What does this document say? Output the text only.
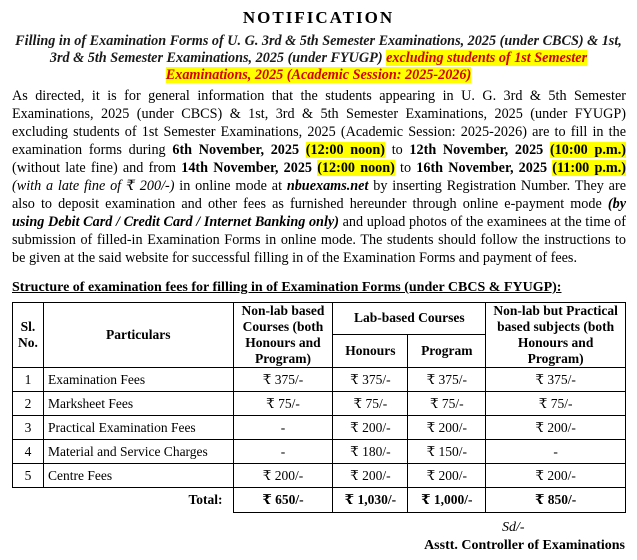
NOTIFICATION
Filling in of Examination Forms of U. G. 3rd & 5th Semester Examinations, 2025 (under CBCS) & 1st, 3rd & 5th Semester Examinations, 2025 (under FYUGP) excluding students of 1st Semester Examinations, 2025 (Academic Session: 2025-2026)
As directed, it is for general information that the students appearing in U. G. 3rd & 5th Semester Examinations, 2025 (under CBCS) & 1st, 3rd & 5th Semester Examinations, 2025 (under FYUGP) excluding students of 1st Semester Examinations, 2025 (Academic Session: 2025-2026) are to fill in the examination forms during 6th November, 2025 (12:00 noon) to 12th November, 2025 (10:00 p.m.) (without late fine) and from 14th November, 2025 (12:00 noon) to 16th November, 2025 (11:00 p.m.) (with a late fine of ₹ 200/-) in online mode at nbuexams.net by inserting Registration Number. They are also to deposit examination and other fees as furnished hereunder through online e-payment mode (by using Debit Card / Credit Card / Internet Banking only) and upload photos of the examinees at the time of submission of filled-in Examination Forms in online mode. The students should follow the instructions to be given at the said website for successful filling in of the Examination Forms and payment of fees.
Structure of examination fees for filling in of Examination Forms (under CBCS & FYUGP):
Sl. No.	Particulars	Non-lab based Courses (both Honours and Program)	Lab-based Courses		Non-lab but Practical based subjects (both Honours and Program)
			Honours	Program	
1	Examination Fees	₹ 375/-	₹ 375/-	₹ 375/-	₹ 375/-
2	Marksheet Fees	₹ 75/-	₹ 75/-	₹ 75/-	₹ 75/-
3	Practical Examination Fees	-	₹ 200/-	₹ 200/-	₹ 200/-
4	Material and Service Charges	-	₹ 180/-	₹ 150/-	-
5	Centre Fees	₹ 200/-	₹ 200/-	₹ 200/-	₹ 200/-
	Total:	₹ 650/-	₹ 1,030/-	₹ 1,000/-	₹ 850/-
Sd/-
Asstt. Controller of Examinations
